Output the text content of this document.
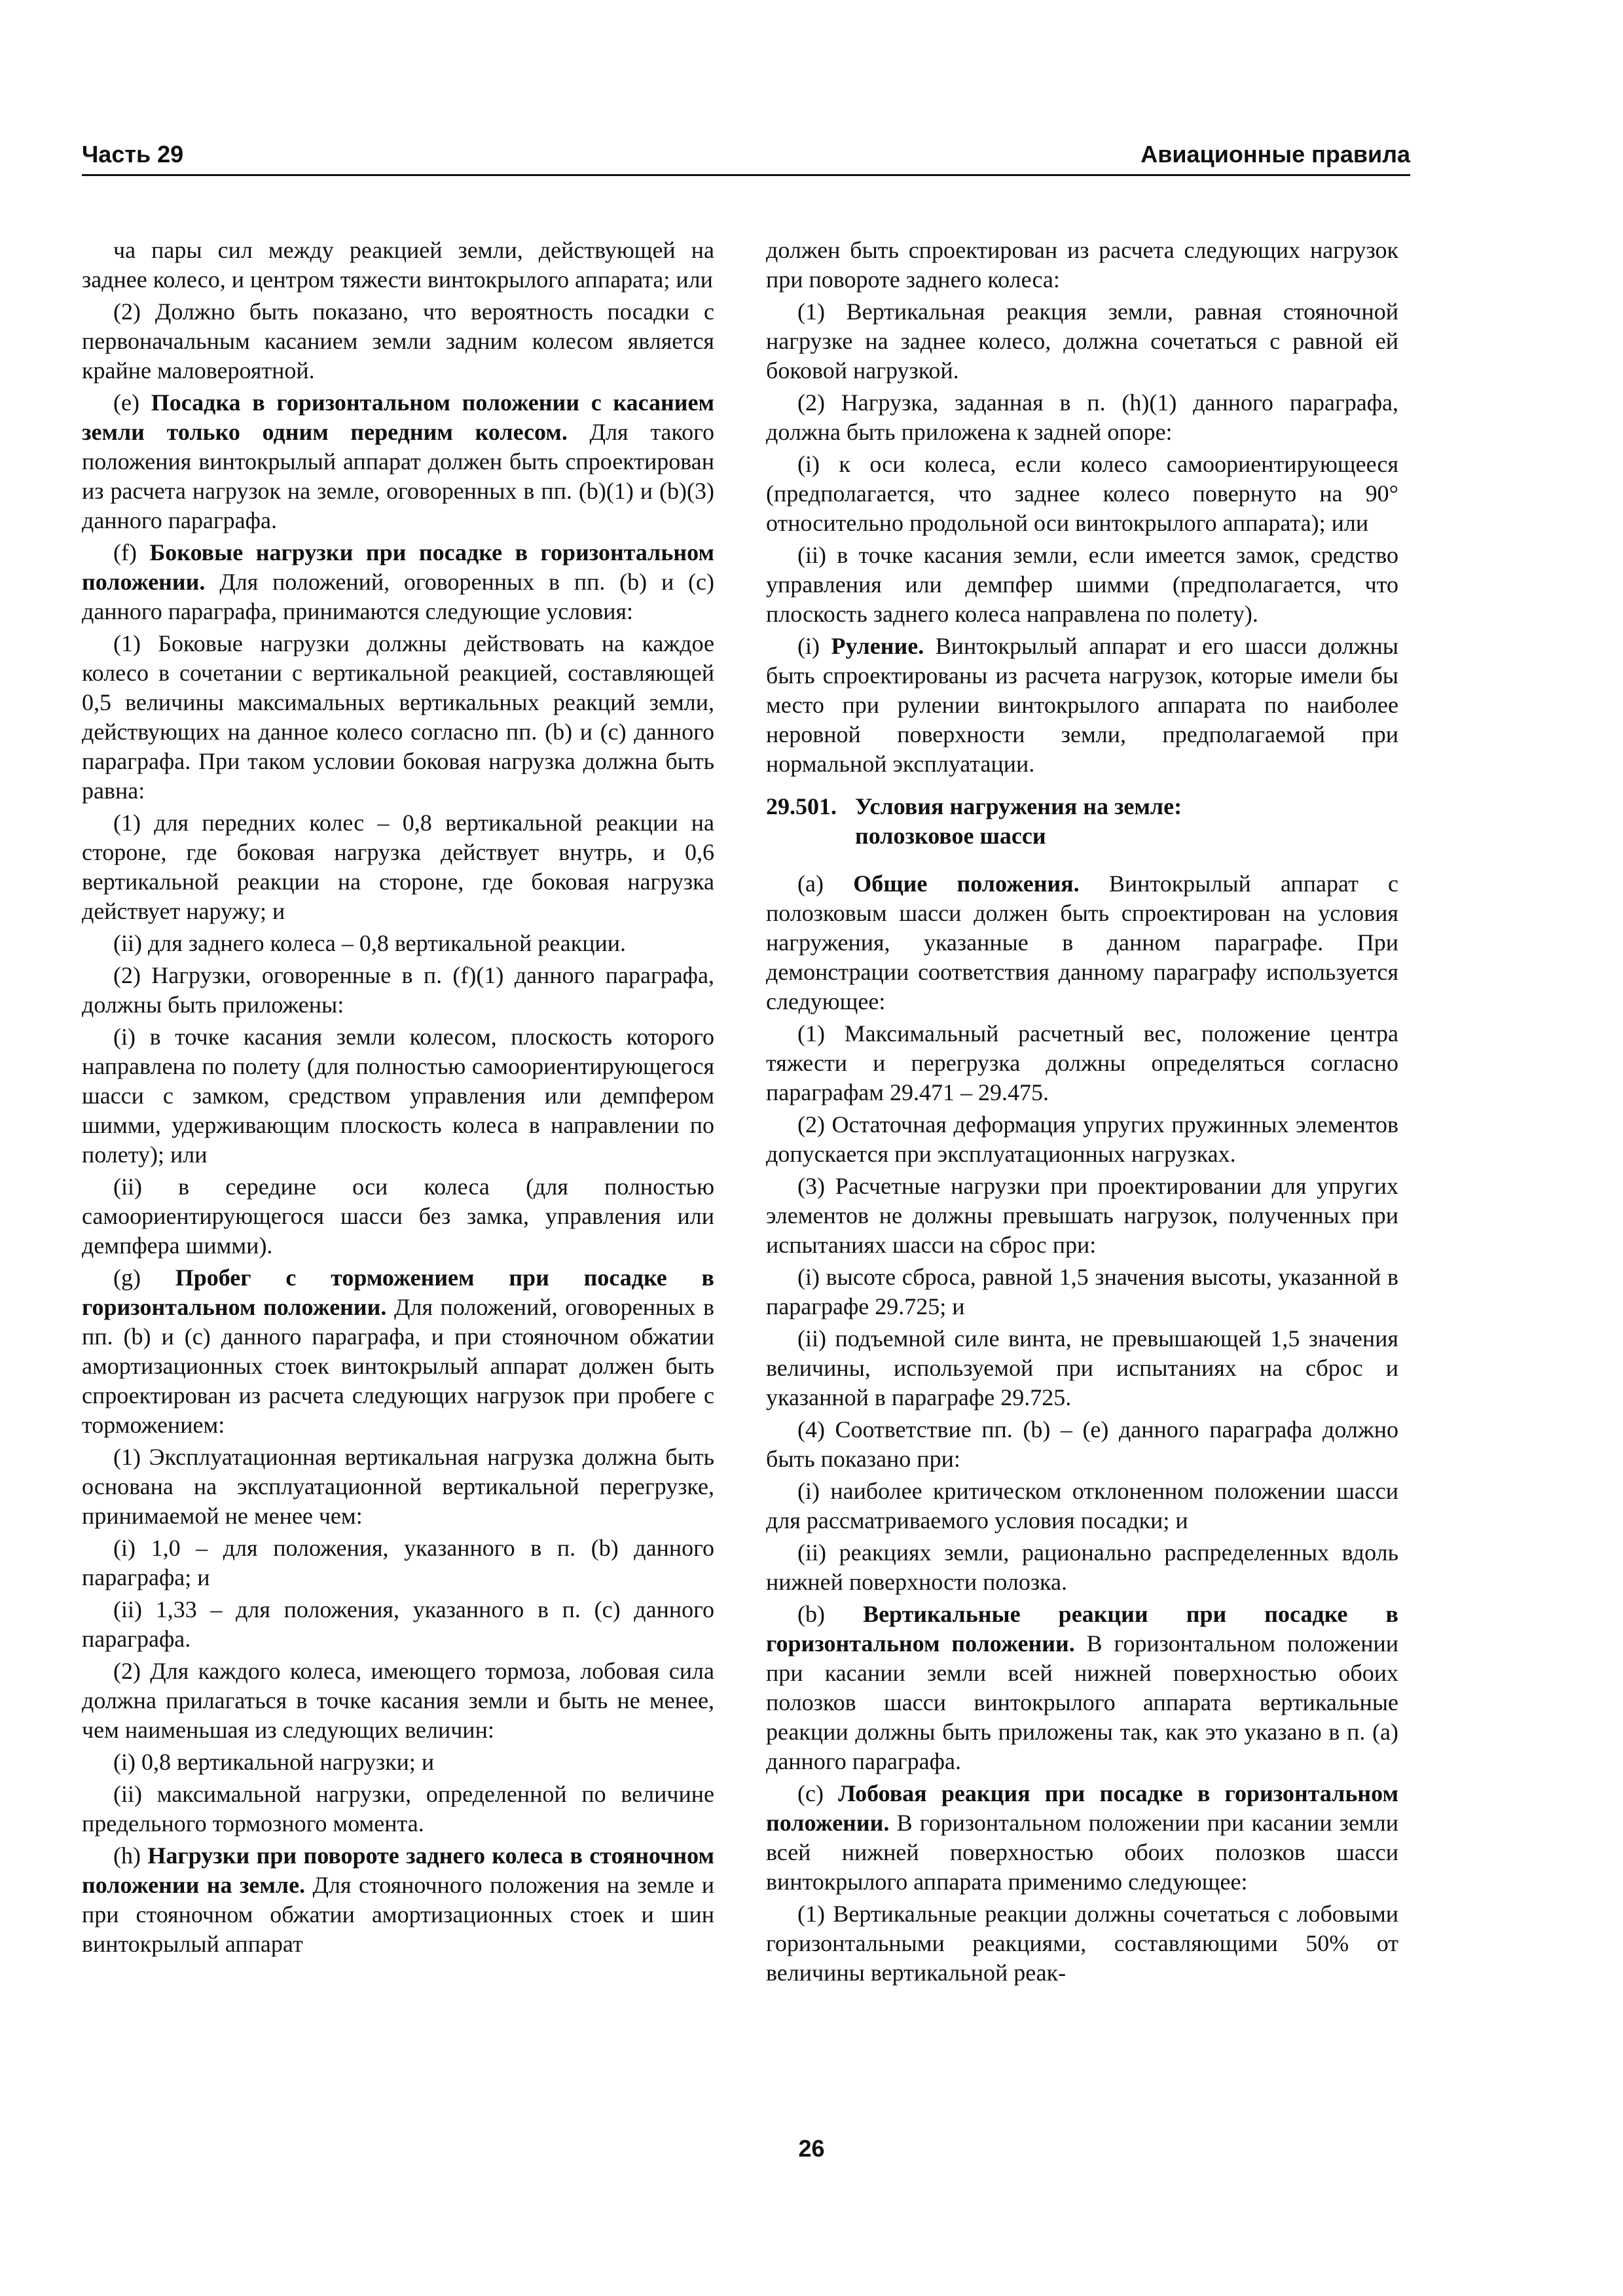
Часть 29	Авиационные правила

ча пары сил между реакцией земли, действующей на заднее колесо, и центром тяжести винтокрылого аппарата; или

(2) Должно быть показано, что вероятность посадки с первоначальным касанием земли задним колесом является крайне маловероятной.

(e) Посадка в горизонтальном положении с касанием земли только одним передним колесом. Для такого положения винтокрылый аппарат должен быть спроектирован из расчета нагрузок на земле, оговоренных в пп. (b)(1) и (b)(3) данного параграфа.

(f) Боковые нагрузки при посадке в горизонтальном положении. Для положений, оговоренных в пп. (b) и (c) данного параграфа, принимаются следующие условия:

(1) Боковые нагрузки должны действовать на каждое колесо в сочетании с вертикальной реакцией, составляющей 0,5 величины максимальных вертикальных реакций земли, действующих на данное колесо согласно пп. (b) и (c) данного параграфа. При таком условии боковая нагрузка должна быть равна:

(1) для передних колес – 0,8 вертикальной реакции на стороне, где боковая нагрузка действует внутрь, и 0,6 вертикальной реакции на стороне, где боковая нагрузка действует наружу; и

(ii) для заднего колеса – 0,8 вертикальной реакции.

(2) Нагрузки, оговоренные в п. (f)(1) данного параграфа, должны быть приложены:

(i) в точке касания земли колесом, плоскость которого направлена по полету (для полностью самоориентирующегося шасси с замком, средством управления или демпфером шимми, удерживающим плоскость колеса в направлении по полету); или

(ii) в середине оси колеса (для полностью самоориентирующегося шасси без замка, управления или демпфера шимми).

(g) Пробег с торможением при посадке в горизонтальном положении. Для положений, оговоренных в пп. (b) и (c) данного параграфа, и при стояночном обжатии амортизационных стоек винтокрылый аппарат должен быть спроектирован из расчета следующих нагрузок при пробеге с торможением:

(1) Эксплуатационная вертикальная нагрузка должна быть основана на эксплуатационной вертикальной перегрузке, принимаемой не менее чем:

(i) 1,0 – для положения, указанного в п. (b) данного параграфа; и

(ii) 1,33 – для положения, указанного в п. (c) данного параграфа.

(2) Для каждого колеса, имеющего тормоза, лобовая сила должна прилагаться в точке касания земли и быть не менее, чем наименьшая из следующих величин:

(i) 0,8 вертикальной нагрузки; и

(ii) максимальной нагрузки, определенной по величине предельного тормозного момента.

(h) Нагрузки при повороте заднего колеса в стояночном положении на земле. Для стояночного положения на земле и при стояночном обжатии амортизационных стоек и шин винтокрылый аппарат

должен быть спроектирован из расчета следующих нагрузок при повороте заднего колеса:

(1) Вертикальная реакция земли, равная стояночной нагрузке на заднее колесо, должна сочетаться с равной ей боковой нагрузкой.

(2) Нагрузка, заданная в п. (h)(1) данного параграфа, должна быть приложена к задней опоре:

(i) к оси колеса, если колесо самоориентирующееся (предполагается, что заднее колесо повернуто на 90° относительно продольной оси винтокрылого аппарата); или

(ii) в точке касания земли, если имеется замок, средство управления или демпфер шимми (предполагается, что плоскость заднего колеса направлена по полету).

(i) Руление. Винтокрылый аппарат и его шасси должны быть спроектированы из расчета нагрузок, которые имели бы место при рулении винтокрылого аппарата по наиболее неровной поверхности земли, предполагаемой при нормальной эксплуатации.

29.501. Условия нагружения на земле:
полозковое шасси

(a) Общие положения. Винтокрылый аппарат с полозковым шасси должен быть спроектирован на условия нагружения, указанные в данном параграфе. При демонстрации соответствия данному параграфу используется следующее:

(1) Максимальный расчетный вес, положение центра тяжести и перегрузка должны определяться согласно параграфам 29.471 – 29.475.

(2) Остаточная деформация упругих пружинных элементов допускается при эксплуатационных нагрузках.

(3) Расчетные нагрузки при проектировании для упругих элементов не должны превышать нагрузок, полученных при испытаниях шасси на сброс при:

(i) высоте сброса, равной 1,5 значения высоты, указанной в параграфе 29.725; и

(ii) подъемной силе винта, не превышающей 1,5 значения величины, используемой при испытаниях на сброс и указанной в параграфе 29.725.

(4) Соответствие пп. (b) – (e) данного параграфа должно быть показано при:

(i) наиболее критическом отклоненном положении шасси для рассматриваемого условия посадки; и

(ii) реакциях земли, рационально распределенных вдоль нижней поверхности полозка.

(b) Вертикальные реакции при посадке в горизонтальном положении. В горизонтальном положении при касании земли всей нижней поверхностью обоих полозков шасси винтокрылого аппарата вертикальные реакции должны быть приложены так, как это указано в п. (a) данного параграфа.

(c) Лобовая реакция при посадке в горизонтальном положении. В горизонтальном положении при касании земли всей нижней поверхностью обоих полозков шасси винтокрылого аппарата применимо следующее:

(1) Вертикальные реакции должны сочетаться с лобовыми горизонтальными реакциями, составляющими 50% от величины вертикальной реак-

26
